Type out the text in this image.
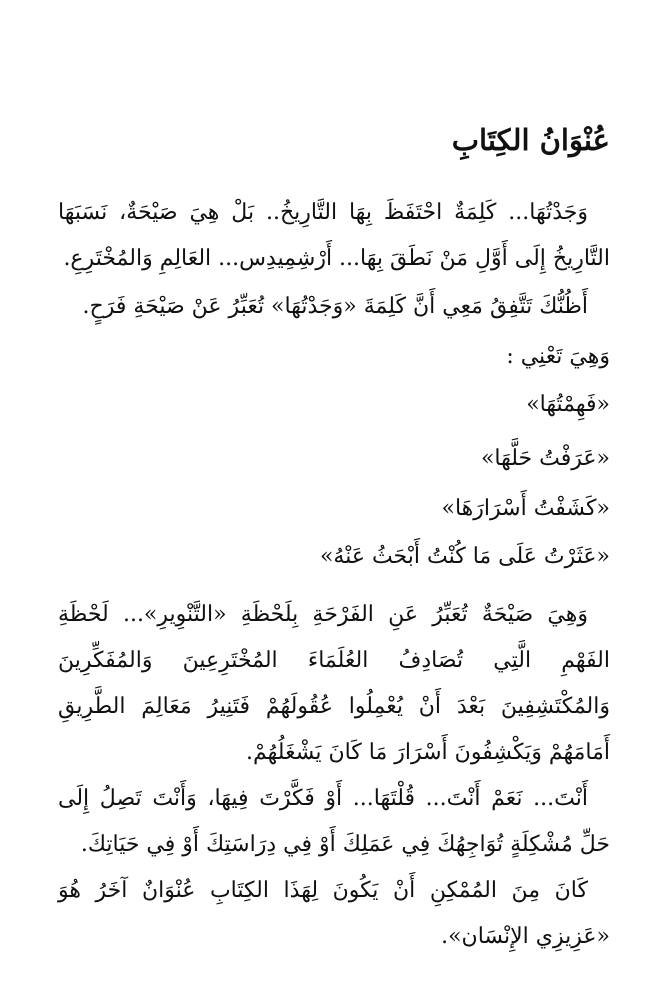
عُنْوَانُ الكِتَابِ

وَجَدْتُهَا... كَلِمَةٌ احْتَفَظَ بِهَا التَّارِيخُ.. بَلْ هِيَ صَيْحَةٌ، نَسَبَهَا التَّارِيخُ إِلَى أَوَّلِ مَنْ نَطَقَ بِهَا... أَرْشِمِيدِس... العَالِمِ وَالمُخْتَرِعِ.

أَظُنُّكَ تَتَّفِقُ مَعِي أَنَّ كَلِمَةَ «وَجَدْتُهَا» تُعَبِّرُ عَنْ صَيْحَةِ فَرَحٍ.

وَهِيَ تَعْنِي :

«فَهِمْتُهَا»

«عَرَفْتُ حَلَّهَا»

«كَشَفْتُ أَسْرَارَهَا»

«عَثَرْتُ عَلَى مَا كُنْتُ أَبْحَثُ عَنْهُ»

وَهِيَ صَيْحَةٌ تُعَبِّرُ عَنِ الفَرْحَةِ بِلَحْظَةِ «التَّنْوِيرِ»... لَحْظَةِ الفَهْمِ الَّتِي تُصَادِفُ العُلَمَاءَ المُخْتَرِعِينَ وَالمُفَكِّرِينَ وَالمُكْتَشِفِينَ بَعْدَ أَنْ يُعْمِلُوا عُقُولَهُمْ فَتَنِيرُ مَعَالِمَ الطَّرِيقِ أَمَامَهُمْ وَيَكْشِفُونَ أَسْرَارَ مَا كَانَ يَشْغَلُهُمْ.

أَنْتَ... نَعَمْ أَنْتَ... قُلْتَهَا... أَوْ فَكَّرْتَ فِيهَا، وَأَنْتَ تَصِلُ إِلَى حَلِّ مُشْكِلَةٍ تُوَاجِهُكَ فِي عَمَلِكَ أَوْ فِي دِرَاسَتِكَ أَوْ فِي حَيَاتِكَ.

كَانَ مِنَ المُمْكِنِ أَنْ يَكُونَ لِهَذَا الكِتَابِ عُنْوَانٌ آخَرُ هُوَ «عَزِيزِي الإِنْسَان».
